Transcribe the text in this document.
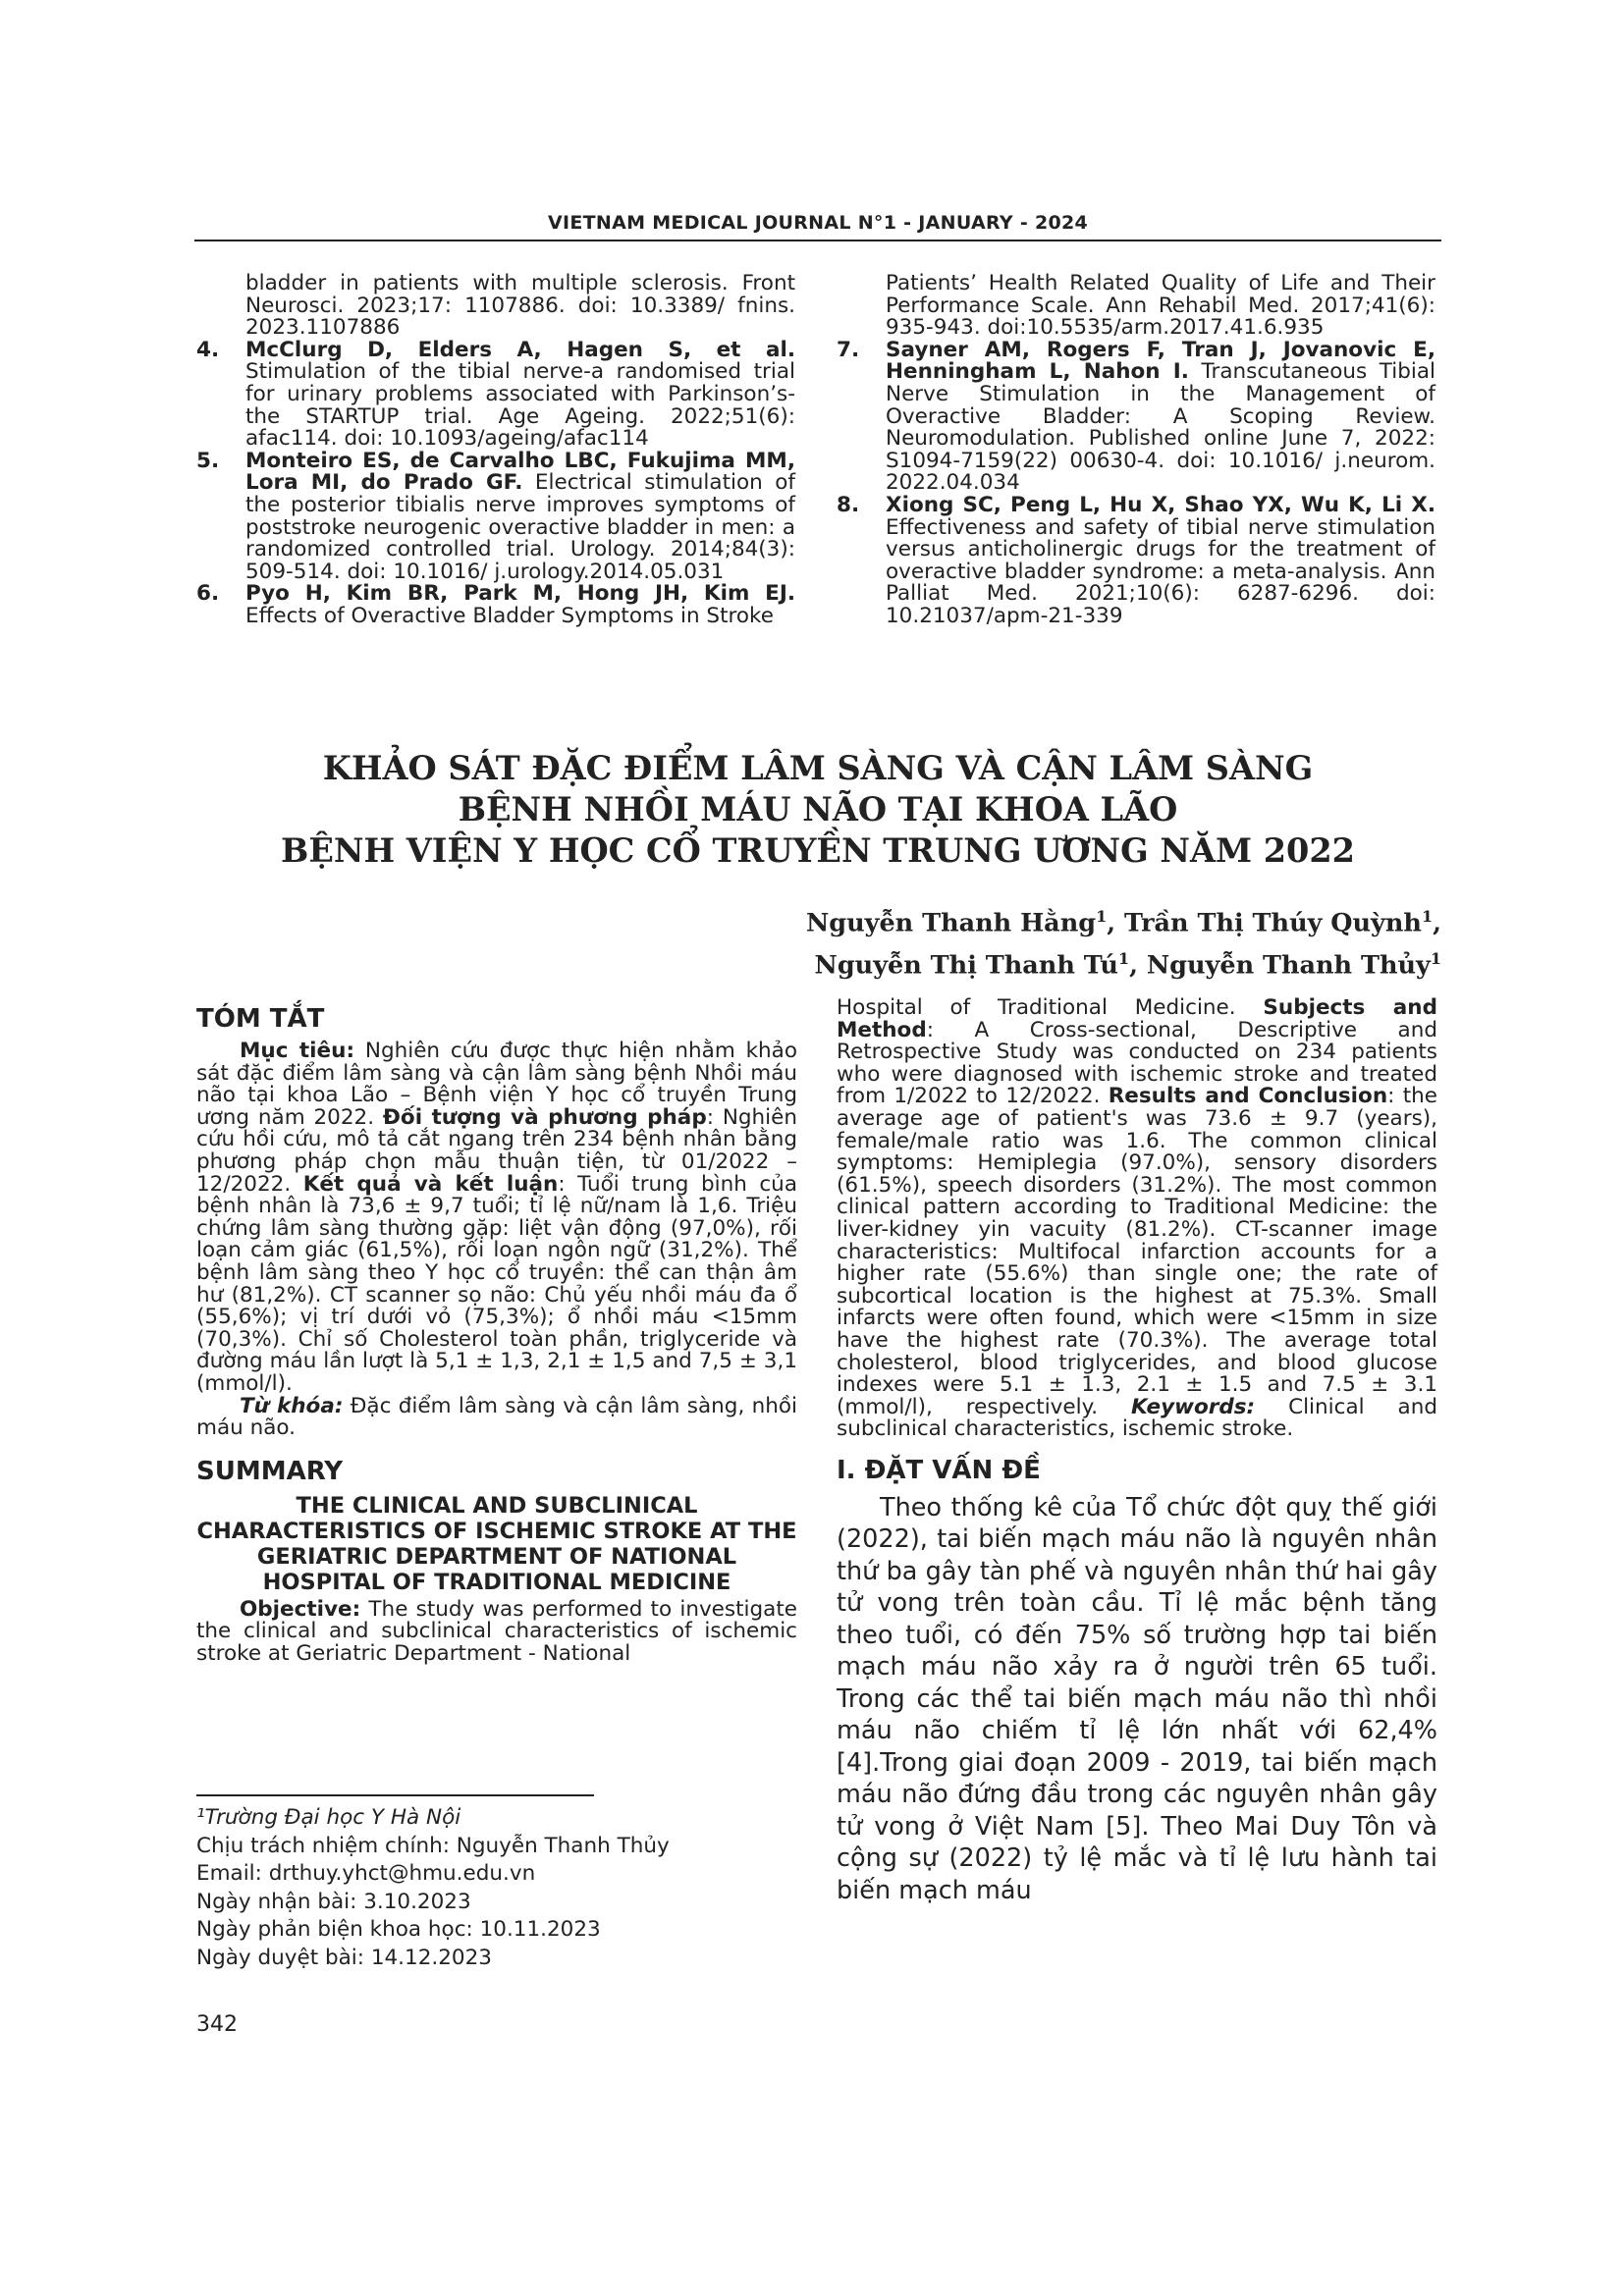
VIETNAM MEDICAL JOURNAL N°1 - JANUARY - 2024
bladder in patients with multiple sclerosis. Front Neurosci. 2023;17: 1107886. doi: 10.3389/ fnins. 2023.1107886
4. McClurg D, Elders A, Hagen S, et al. Stimulation of the tibial nerve-a randomised trial for urinary problems associated with Parkinson’s-the STARTUP trial. Age Ageing. 2022;51(6): afac114. doi: 10.1093/ageing/afac114
5. Monteiro ES, de Carvalho LBC, Fukujima MM, Lora MI, do Prado GF. Electrical stimulation of the posterior tibialis nerve improves symptoms of poststroke neurogenic overactive bladder in men: a randomized controlled trial. Urology. 2014;84(3): 509-514. doi: 10.1016/ j.urology.2014.05.031
6. Pyo H, Kim BR, Park M, Hong JH, Kim EJ. Effects of Overactive Bladder Symptoms in Stroke
Patients’ Health Related Quality of Life and Their Performance Scale. Ann Rehabil Med. 2017;41(6): 935-943. doi:10.5535/arm.2017.41.6.935
7. Sayner AM, Rogers F, Tran J, Jovanovic E, Henningham L, Nahon I. Transcutaneous Tibial Nerve Stimulation in the Management of Overactive Bladder: A Scoping Review. Neuromodulation. Published online June 7, 2022: S1094-7159(22) 00630-4. doi: 10.1016/ j.neurom. 2022.04.034
8. Xiong SC, Peng L, Hu X, Shao YX, Wu K, Li X. Effectiveness and safety of tibial nerve stimulation versus anticholinergic drugs for the treatment of overactive bladder syndrome: a meta-analysis. Ann Palliat Med. 2021;10(6): 6287-6296. doi: 10.21037/apm-21-339
KHẢO SÁT ĐẶC ĐIỂM LÂM SÀNG VÀ CẬN LÂM SÀNG
BỆNH NHỒI MÁU NÃO TẠI KHOA LÃO
BỆNH VIỆN Y HỌC CỔ TRUYỀN TRUNG ƯƠNG NĂM 2022
Nguyễn Thanh Hằng$^1$, Trần Thị Thúy Quỳnh$^1$,
Nguyễn Thị Thanh $Tú^1$, Nguyễn Thanh Thủy$^1$
TÓM TẮT

Mục tiêu: Nghiên cứu được thực hiện nhằm khảo sát đặc điểm lâm sàng và cận lâm sàng bệnh Nhồi máu não tại khoa Lão – Bệnh viện Y học cổ truyền Trung ương năm 2022. Đối tượng và phương pháp: Nghiên cứu hồi cứu, mô tả cắt ngang trên 234 bệnh nhân bằng phương pháp chọn mẫu thuận tiện, từ 01/2022 – 12/2022. Kết quả và kết luận: Tuổi trung bình của bệnh nhân là 73,6 ± 9,7 tuổi; tỉ lệ nữ/nam là 1,6. Triệu chứng lâm sàng thường gặp: liệt vận động (97,0%), rối loạn cảm giác (61,5%), rối loạn ngôn ngữ (31,2%). Thể bệnh lâm sàng theo Y học cổ truyền: thể can thận âm hư (81,2%). CT scanner sọ não: Chủ yếu nhồi máu đa ổ (55,6%); vị trí dưới vỏ (75,3%); ổ nhồi máu <15mm (70,3%). Chỉ số Cholesterol toàn phần, triglyceride và đường máu lần lượt là 5,1 ± 1,3, 2,1 ± 1,5 and 7,5 ± 3,1 (mmol/l).

Từ khóa: Đặc điểm lâm sàng và cận lâm sàng, nhồi máu não.

SUMMARY
THE CLINICAL AND SUBCLINICAL CHARACTERISTICS OF ISCHEMIC STROKE AT THE GERIATRIC DEPARTMENT OF NATIONAL HOSPITAL OF TRADITIONAL MEDICINE

Objective: The study was performed to investigate the clinical and subclinical characteristics of ischemic stroke at Geriatric Department - National

Hospital of Traditional Medicine. Subjects and Method: A Cross-sectional, Descriptive and Retrospective Study was conducted on 234 patients who were diagnosed with ischemic stroke and treated from 1/2022 to 12/2022. Results and Conclusion: the average age of patient's was 73.6 ± 9.7 (years), female/male ratio was 1.6. The common clinical symptoms: Hemiplegia (97.0%), sensory disorders (61.5%), speech disorders (31.2%). The most common clinical pattern according to Traditional Medicine: the liver-kidney yin vacuity (81.2%). CT-scanner image characteristics: Multifocal infarction accounts for a higher rate (55.6%) than single one; the rate of subcortical location is the highest at 75.3%. Small infarcts were often found, which were <15mm in size have the highest rate (70.3%). The average total cholesterol, blood triglycerides, and blood glucose indexes were 5.1 ± 1.3, 2.1 ± 1.5 and 7.5 ± 3.1 (mmol/l), respectively. Keywords: Clinical and subclinical characteristics, ischemic stroke.

I. ĐẶT VẤN ĐỀ

Theo thống kê của Tổ chức đột quỵ thế giới (2022), tai biến mạch máu não là nguyên nhân thứ ba gây tàn phế và nguyên nhân thứ hai gây tử vong trên toàn cầu. Tỉ lệ mắc bệnh tăng theo tuổi, có đến 75% số trường hợp tai biến mạch máu não xảy ra ở người trên 65 tuổi. Trong các thể tai biến mạch máu não thì nhồi máu não chiếm tỉ lệ lớn nhất với 62,4% [4].Trong giai đoạn 2009 - 2019, tai biến mạch máu não đứng đầu trong các nguyên nhân gây tử vong ở Việt Nam [5]. Theo Mai Duy Tôn và cộng sự (2022) tỷ lệ mắc và tỉ lệ lưu hành tai biến mạch máu

¹Trường Đại học Y Hà Nội
Chịu trách nhiệm chính: Nguyễn Thanh Thủy
Email: drthuy.yhct@hmu.edu.vn
Ngày nhận bài: 3.10.2023
Ngày phản biện khoa học: 10.11.2023
Ngày duyệt bài: 14.12.2023
342
